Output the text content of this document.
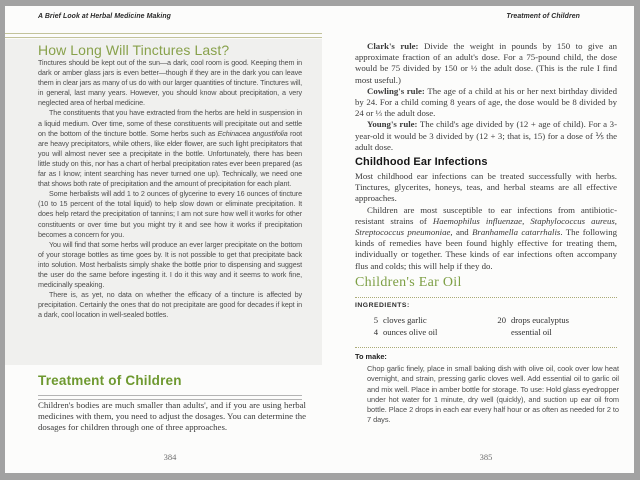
A Brief Look at Herbal Medicine Making
How Long Will Tinctures Last?

Tinctures should be kept out of the sun—a dark, cool room is good. Keeping them in dark or amber glass jars is even better—though if they are in the dark you can leave them in clear jars as many of us do with our larger quantities of tincture. Tinctures will, in general, last many years. However, you should know about precipitation, a very neglected area of herbal medicine.

The constituents that you have extracted from the herbs are held in suspension in a liquid medium. Over time, some of these constituents will precipitate out and settle on the bottom of the tincture bottle. Some herbs such as Echinacea angustifolia root are heavy precipitators, while others, like elder flower, are such light precipitators that you will almost never see a precipitate in the bottle. Unfortunately, there has been little study on this, nor has a chart of herbal precipitation rates ever been prepared (as far as I know; intent searching has never turned one up). Technically, we need one that shows both rate of precipitation and the amount of precipitation for each plant.

Some herbalists will add 1 to 2 ounces of glycerine to every 16 ounces of tincture (10 to 15 percent of the total liquid) to help slow down or eliminate precipitation. It does help retard the precipitation of tannins; I am not sure how well it works for other constituents or over time but you might try it and see how it works if precipitation becomes a concern for you.

You will find that some herbs will produce an ever larger precipitate on the bottom of your storage bottles as time goes by. It is not possible to get that precipitate back into solution. Most herbalists simply shake the bottle prior to dispensing and suggest the user do the same before ingesting it. I do it this way and it seems to work fine, medicinally speaking.

There is, as yet, no data on whether the efficacy of a tincture is affected by precipitation. Certainly the ones that do not precipitate are good for decades if kept in a dark, cool location in well-sealed bottles.

Treatment of Children

Children's bodies are much smaller than adults', and if you are using herbal medicines with them, you need to adjust the dosages. You can determine the dosages for children through one of three approaches.

384
Treatment of Children

Clark's rule: Divide the weight in pounds by 150 to give an approximate fraction of an adult's dose. For a 75-pound child, the dose would be 75 divided by 150 or ½ the adult dose. (This is the rule I find most useful.)

Cowling's rule: The age of a child at his or her next birthday divided by 24. For a child coming 8 years of age, the dose would be 8 divided by 24 or ⅓ the adult dose.

Young's rule: The child's age divided by (12 + age of child). For a 3-year-old it would be 3 divided by (12 + 3; that is, 15) for a dose of ⅕ the adult dose.

Childhood Ear Infections

Most childhood ear infections can be treated successfully with herbs. Tinctures, glycerites, honeys, teas, and herbal steams are all effective approaches.

Children are most susceptible to ear infections from antibiotic-resistant strains of Haemophilus influenzae, Staphylococcus aureus, Streptococcus pneumoniae, and Branhamella catarrhalis. The following kinds of remedies have been found highly effective for treating them, individually or together. These kinds of ear infections often accompany flus and colds; this will help if they do.

Children's Ear Oil
INGREDIENTS:
5 cloves garlic
4 ounces olive oil
20 drops eucalyptus essential oil
To make:
Chop garlic finely, place in small baking dish with olive oil, cook over low heat overnight, and strain, pressing garlic cloves well. Add essential oil to garlic oil and mix well. Place in amber bottle for storage. To use: Hold glass eyedropper under hot water for 1 minute, dry well (quickly), and suction up ear oil from bottle. Place 2 drops in each ear every half hour or as often as needed for 2 to 7 days.
385
